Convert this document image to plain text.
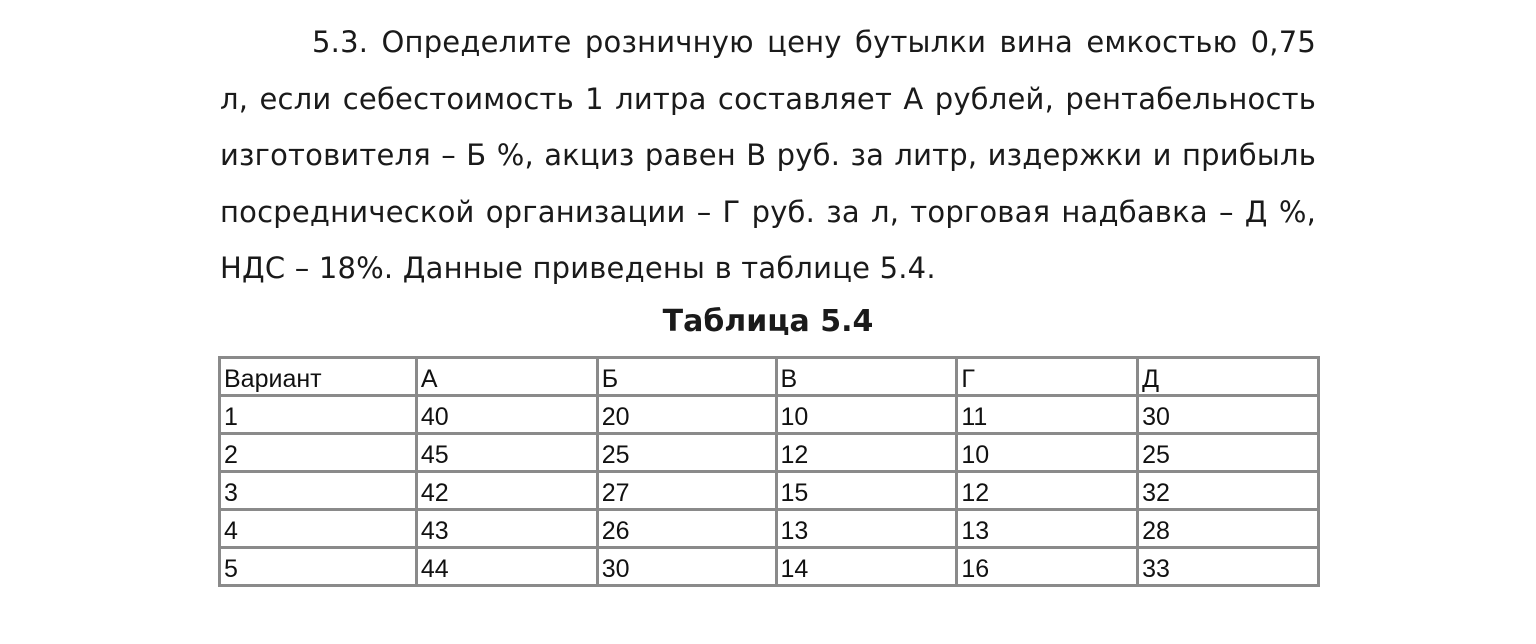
5.3. Определите розничную цену бутылки вина емкостью 0,75 л, если себестоимость 1 литра составляет А рублей, рентабельность изготовителя – Б %, акциз равен В руб. за литр, издержки и прибыль посреднической организации – Г руб. за л, торговая надбавка – Д %, НДС – 18%. Данные приведены в таблице 5.4.

Таблица 5.4
Вариант	А	Б	В	Г	Д
1	40	20	10	11	30
2	45	25	12	10	25
3	42	27	15	12	32
4	43	26	13	13	28
5	44	30	14	16	33
